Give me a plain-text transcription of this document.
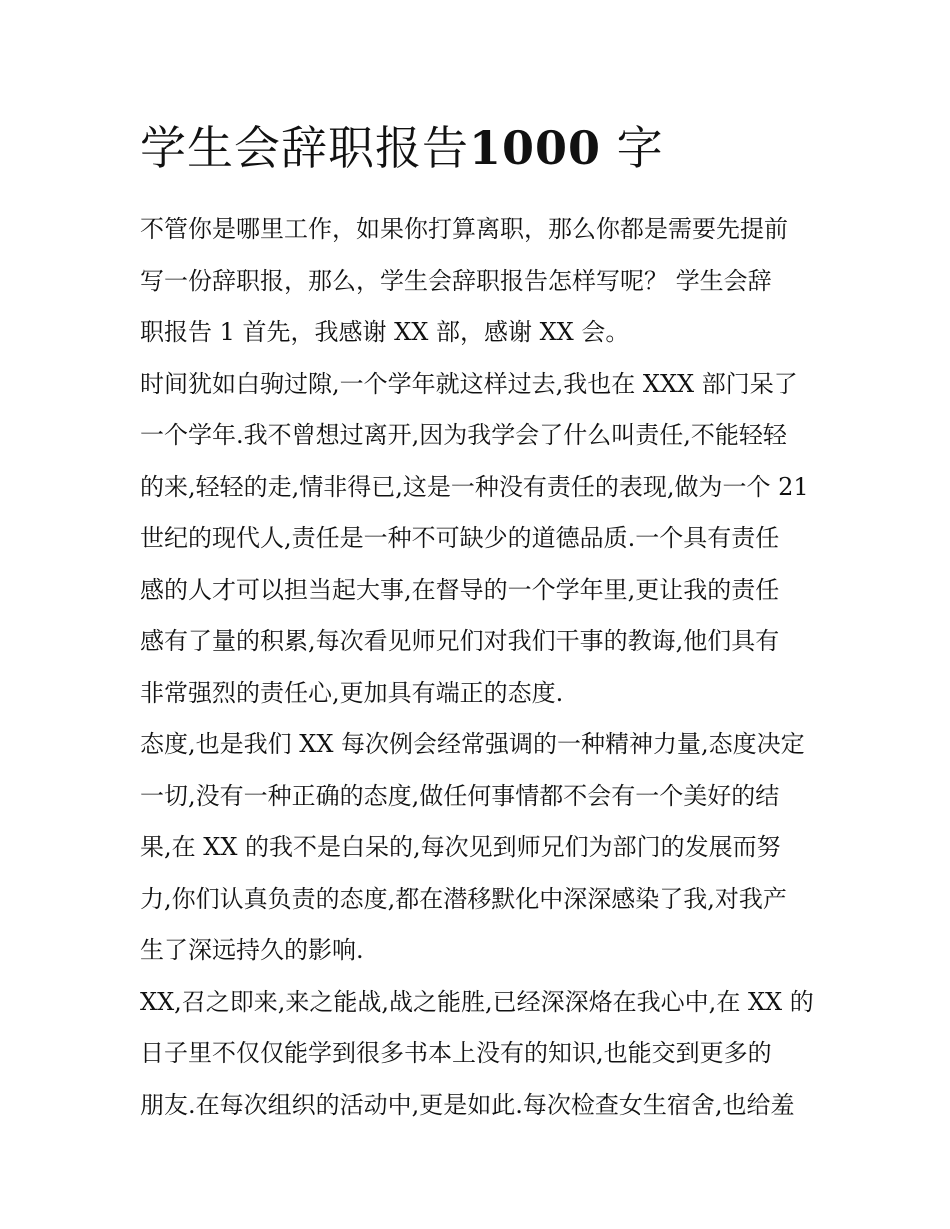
学生会辞职报告1000 字

不管你是哪里工作，如果你打算离职，那么你都是需要先提前
写一份辞职报，那么，学生会辞职报告怎样写呢？ 学生会辞
职报告 1 首先，我感谢 XX 部，感谢 XX 会。

时间犹如白驹过隙,一个学年就这样过去,我也在 XXX 部门呆了
一个学年.我不曾想过离开,因为我学会了什么叫责任,不能轻轻
的来,轻轻的走,情非得已,这是一种没有责任的表现,做为一个 21
世纪的现代人,责任是一种不可缺少的道德品质.一个具有责任
感的人才可以担当起大事,在督导的一个学年里,更让我的责任
感有了量的积累,每次看见师兄们对我们干事的教诲,他们具有
非常强烈的责任心,更加具有端正的态度.

态度,也是我们 XX 每次例会经常强调的一种精神力量,态度决定
一切,没有一种正确的态度,做任何事情都不会有一个美好的结
果,在 XX 的我不是白呆的,每次见到师兄们为部门的发展而努
力,你们认真负责的态度,都在潜移默化中深深感染了我,对我产
生了深远持久的影响.

XX,召之即来,来之能战,战之能胜,已经深深烙在我心中,在 XX 的
日子里不仅仅能学到很多书本上没有的知识,也能交到更多的
朋友.在每次组织的活动中,更是如此.每次检查女生宿舍,也给羞
